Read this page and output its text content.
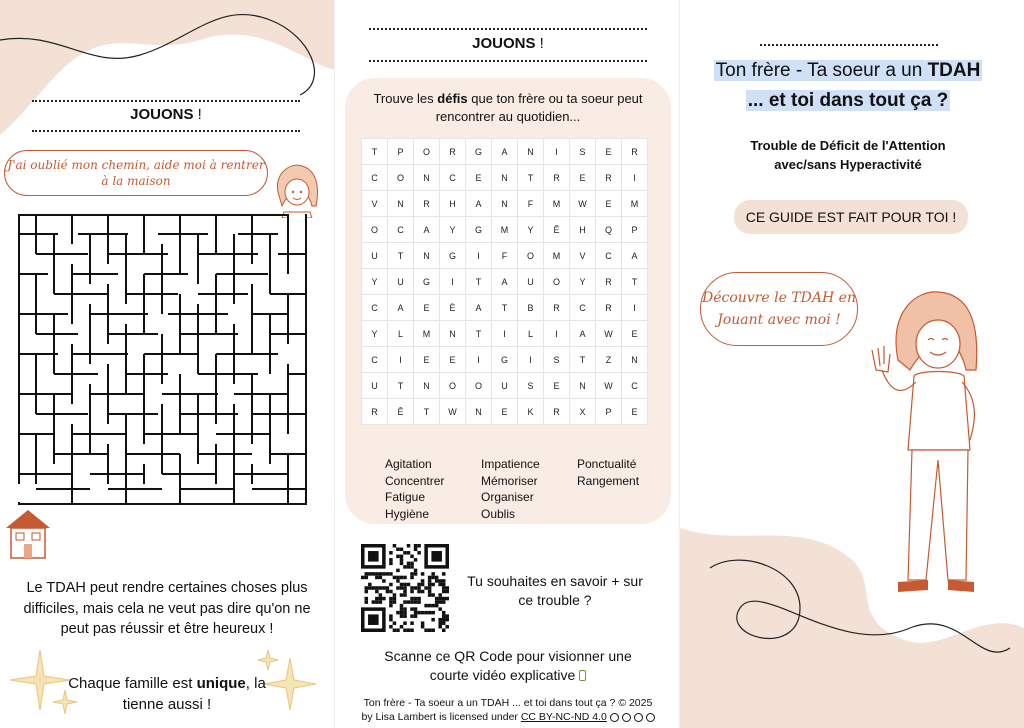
JOUONS !
J'ai oublié mon chemin, aide moi à rentrer
à la maison
Le TDAH peut rendre certaines choses plus
difficiles, mais cela ne veut pas dire qu'on ne
peut pas réussir et être heureux !
Chaque famille est unique, la
tienne aussi !
JOUONS !
Trouve les défis que ton frère ou ta soeur peut
rencontrer au quotidien...
T	P	O	R	G	A	N	I	S	E	R
C	O	N	C	E	N	T	R	E	R	I
V	N	R	H	A	N	F	M	W	E	M
O	C	A	Y	G	M	Y	Ê	H	Q	P
U	T	N	G	I	F	O	M	V	C	A
Y	U	G	I	T	A	U	O	Y	R	T
C	A	E	È	A	T	B	R	C	R	I
Y	L	M	N	T	I	L	I	A	W	E
C	I	E	E	I	G	I	S	T	Z	N
U	T	N	O	O	U	S	E	N	W	C
R	Ê	T	W	N	E	K	R	X	P	E
Agitation
Concentrer
Fatigue
Hygiène
Impatience
Mémoriser
Organiser
Oublis
Ponctualité
Rangement
Tu souhaites en savoir + sur
ce trouble ?
Scanne ce QR Code pour visionner une
courte vidéo explicative
Ton frère - Ta soeur a un TDAH ... et toi dans tout ça ? © 2025
by Lisa Lambert is licensed under CC BY-NC-ND 4.0
Ton frère - Ta soeur a un TDAH
... et toi dans tout ça ?
Trouble de Déficit de l'Attention
avec/sans Hyperactivité
CE GUIDE EST FAIT POUR TOI !
Découvre le TDAH en
Jouant avec moi !
